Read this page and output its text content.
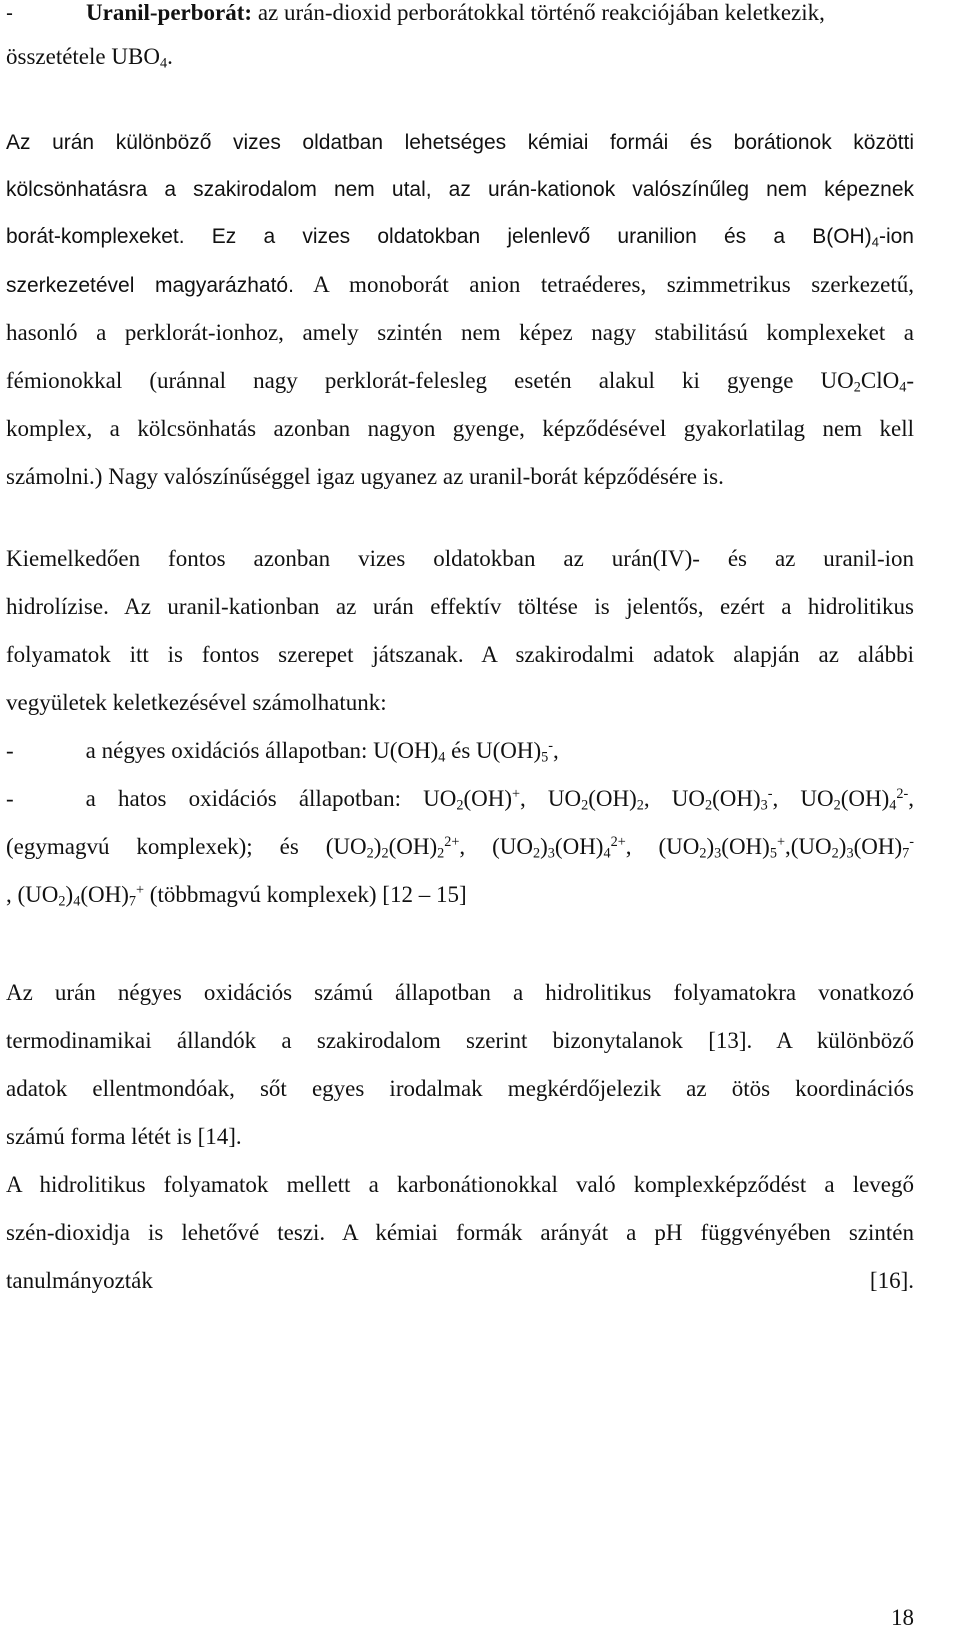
-	Uranil-perborát: az urán-dioxid perborátokkal történő reakciójában keletkezik,
összetétele $UBO_4$.
Az urán különböző vizes oldatban lehetséges kémiai formái és borátionok közötti
kölcsönhatásra a szakirodalom nem utal, az urán-kationok valószínűleg nem képeznek
borát-komplexeket. Ez a vizes oldatokban jelenlevő uranilion és a $B(OH)_4$-ion
szerkezetével magyarázható. A monoborát anion tetraéderes, szimmetrikus szerkezetű,
hasonló a perklorát-ionhoz, amely szintén nem képez nagy stabilitású komplexeket a
fémionokkal (uránnal nagy perklorát-felesleg esetén alakul ki gyenge $UO_2ClO_4-$
komplex, a kölcsönhatás azonban nagyon gyenge, képződésével gyakorlatilag nem kell
számolni.) Nagy valószínűséggel igaz ugyanez az uranil-borát képződésére is.
Kiemelkedően fontos azonban vizes oldatokban az urán(IV)- és az uranil-ion
hidrolízise. Az uranil-kationban az urán effektív töltése is jelentős, ezért a hidrolitikus
folyamatok itt is fontos szerepet játszanak. A szakirodalmi adatok alapján az alábbi
vegyületek keletkezésével számolhatunk:
-	a négyes oxidációs állapotban: $U(OH)_4$ és $U(OH)_5^-$,
-	a hatos oxidációs állapotban: $UO_2(OH)^+$, $UO_2(OH)_2$, $UO_2(OH)_3^-$, $UO_2(OH)_4^{2-}$,
(egymagvú komplexek); és $(UO_2)_2(OH)_2^{2+}$, $(UO_2)_3(OH)_4^{2+}$, $(UO_2)_3(OH)_5^+,(UO_2)_3(OH)_7^-$
, $(UO_2)_4(OH)_7^+$ (többmagvú komplexek) [12 – 15]
Az urán négyes oxidációs számú állapotban a hidrolitikus folyamatokra vonatkozó
termodinamikai állandók a szakirodalom szerint bizonytalanok [13]. A különböző
adatok ellentmondóak, sőt egyes irodalmak megkérdőjelezik az ötös koordinációs
számú forma létét is [14].
A hidrolitikus folyamatok mellett a karbonátionokkal való komplexképződést a levegő
szén-dioxidja is lehetővé teszi. A kémiai formák arányát a pH függvényében szintén
tanulmányozták	[16].
18
